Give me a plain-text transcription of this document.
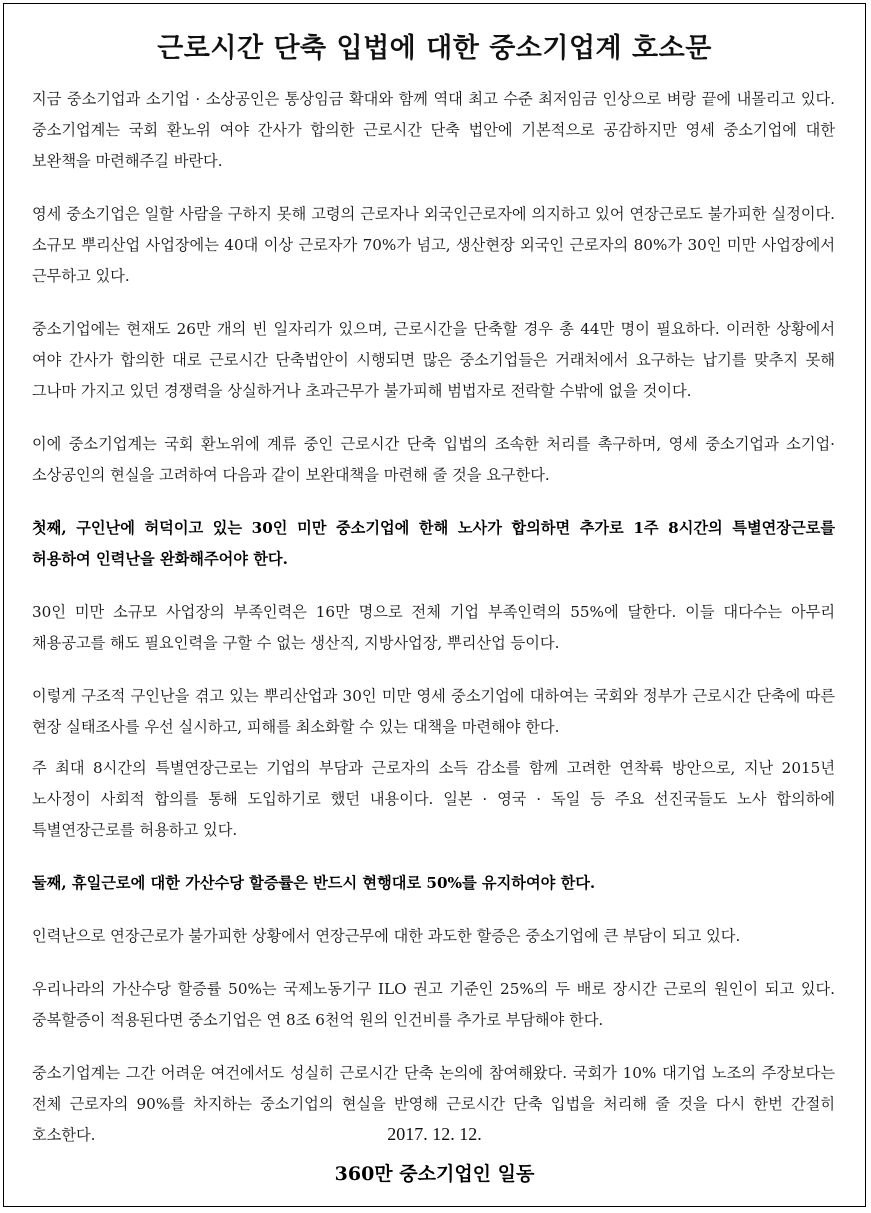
근로시간 단축 입법에 대한 중소기업계 호소문

지금 중소기업과 소기업 · 소상공인은 통상임금 확대와 함께 역대 최고 수준 최저임금 인상으로 벼랑 끝에 내몰리고 있다. 중소기업계는 국회 환노위 여야 간사가 합의한 근로시간 단축 법안에 기본적으로 공감하지만 영세 중소기업에 대한 보완책을 마련해주길 바란다.

영세 중소기업은 일할 사람을 구하지 못해 고령의 근로자나 외국인근로자에 의지하고 있어 연장근로도 불가피한 실정이다. 소규모 뿌리산업 사업장에는 40대 이상 근로자가 70%가 넘고, 생산현장 외국인 근로자의 80%가 30인 미만 사업장에서 근무하고 있다.

중소기업에는 현재도 26만 개의 빈 일자리가 있으며, 근로시간을 단축할 경우 총 44만 명이 필요하다. 이러한 상황에서 여야 간사가 합의한 대로 근로시간 단축법안이 시행되면 많은 중소기업들은 거래처에서 요구하는 납기를 맞추지 못해 그나마 가지고 있던 경쟁력을 상실하거나 초과근무가 불가피해 범법자로 전락할 수밖에 없을 것이다.

이에 중소기업계는 국회 환노위에 계류 중인 근로시간 단축 입법의 조속한 처리를 촉구하며, 영세 중소기업과 소기업·소상공인의 현실을 고려하여 다음과 같이 보완대책을 마련해 줄 것을 요구한다.

첫째, 구인난에 허덕이고 있는 30인 미만 중소기업에 한해 노사가 합의하면 추가로 1주 8시간의 특별연장근로를 허용하여 인력난을 완화해주어야 한다.

30인 미만 소규모 사업장의 부족인력은 16만 명으로 전체 기업 부족인력의 55%에 달한다. 이들 대다수는 아무리 채용공고를 해도 필요인력을 구할 수 없는 생산직, 지방사업장, 뿌리산업 등이다.

이렇게 구조적 구인난을 겪고 있는 뿌리산업과 30인 미만 영세 중소기업에 대하여는 국회와 정부가 근로시간 단축에 따른 현장 실태조사를 우선 실시하고, 피해를 최소화할 수 있는 대책을 마련해야 한다.

주 최대 8시간의 특별연장근로는 기업의 부담과 근로자의 소득 감소를 함께 고려한 연착륙 방안으로, 지난 2015년 노사정이 사회적 합의를 통해 도입하기로 했던 내용이다. 일본 · 영국 · 독일 등 주요 선진국들도 노사 합의하에 특별연장근로를 허용하고 있다.

둘째, 휴일근로에 대한 가산수당 할증률은 반드시 현행대로 50%를 유지하여야 한다.

인력난으로 연장근로가 불가피한 상황에서 연장근무에 대한 과도한 할증은 중소기업에 큰 부담이 되고 있다.

우리나라의 가산수당 할증률 50%는 국제노동기구 ILO 권고 기준인 25%의 두 배로 장시간 근로의 원인이 되고 있다. 중복할증이 적용된다면 중소기업은 연 8조 6천억 원의 인건비를 추가로 부담해야 한다.

중소기업계는 그간 어려운 여건에서도 성실히 근로시간 단축 논의에 참여해왔다. 국회가 10% 대기업 노조의 주장보다는 전체 근로자의 90%를 차지하는 중소기업의 현실을 반영해 근로시간 단축 입법을 처리해 줄 것을 다시 한번 간절히 호소한다.	2017. 12. 12.
360만 중소기업인 일동
